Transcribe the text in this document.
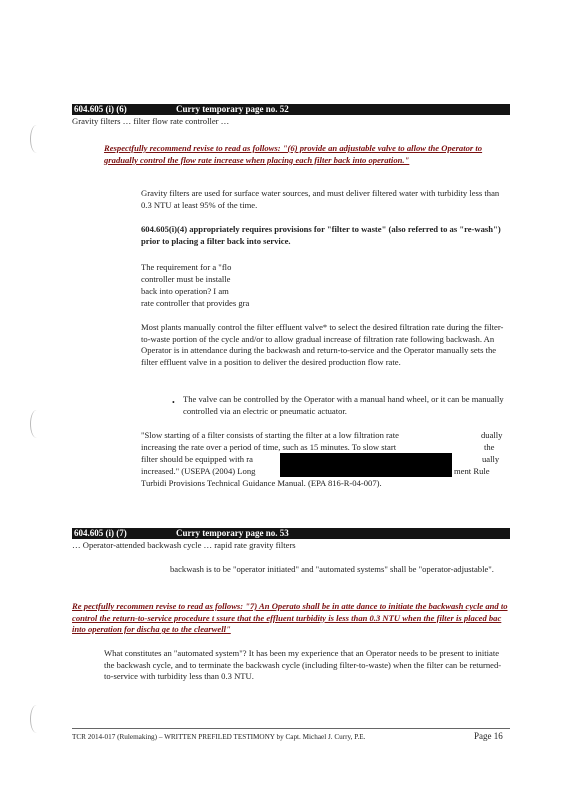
604.605 (i) (6)	Curry temporary page no. 52
Gravity filters … filter flow rate controller …
Respectfully recommend revise to read as follows: "(6) provide an adjustable valve to allow the Operator to gradually control the flow rate increase when placing each filter back into operation."
Gravity filters are used for surface water sources, and must deliver filtered water with turbidity less than 0.3 NTU at least 95% of the time.
604.605(i)(4) appropriately requires provisions for "filter to waste" (also referred to as "re-wash") prior to placing a filter back into service.
The requirement for a "flo
controller must be installe
back into operation? I am
rate controller that provides gra
Most plants manually control the filter effluent valve* to select the desired filtration rate during the filter-to-waste portion of the cycle and/or to allow gradual increase of filtration rate following backwash. An Operator is in attendance during the backwash and return-to-service and the Operator manually sets the filter effluent valve in a position to deliver the desired production flow rate.
• The valve can be controlled by the Operator with a manual hand wheel, or it can be manually controlled via an electric or pneumatic actuator.
"Slow starting of a filter consists of starting the filter at a low filtration rate
increasing the rate over a period of time, such as 15 minutes. To slow start
filter should be equipped with ra
increased." (USEPA (2004) Long
Turbidi Provisions Technical Guidance Manual. (EPA 816-R-04-007).
dually
the
ually
ment Rule
604.605 (i) (7)	Curry temporary page no. 53
… Operator-attended backwash cycle … rapid rate gravity filters
backwash is to be "operator initiated" and "automated systems" shall be "operator-adjustable".
Re pectfully recommen revise to read as follows: "7) An Operato shall be in atte dance to initiate the backwash cycle and to control the return-to-service procedure t ssure that the effluent turbidity is less than 0.3 NTU when the filter is placed bac into operation for discha ge to the clearwell"
What constitutes an "automated system"? It has been my experience that an Operator needs to be present to initiate the backwash cycle, and to terminate the backwash cycle (including filter-to-waste) when the filter can be returned-to-service with turbidity less than 0.3 NTU.
TCR 2014-017 (Rulemaking) – WRITTEN PREFILED TESTIMONY by Capt. Michael J. Curry, P.E.	Page 16
